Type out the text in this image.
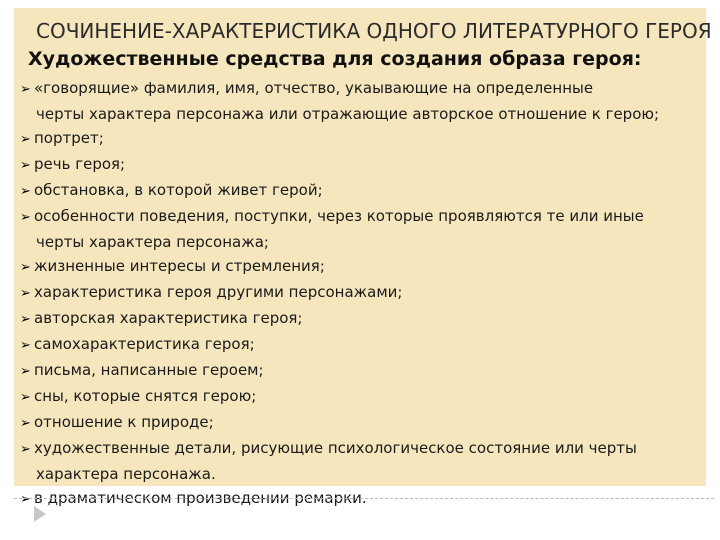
СОЧИНЕНИЕ-ХАРАКТЕРИСТИКА ОДНОГО ЛИТЕРАТУРНОГО ГЕРОЯ
Художественные средства для создания образа героя:
➢ «говорящие» фамилия, имя, отчество, укаывающие на определенные
черты характера персонажа или отражающие авторское отношение к герою;
➢ портрет;
➢ речь героя;
➢ обстановка, в которой живет герой;
➢ особенности поведения, поступки, через которые проявляются те или иные
черты характера персонажа;
➢ жизненные интересы и стремления;
➢ характеристика героя другими персонажами;
➢ авторская характеристика героя;
➢ самохарактеристика героя;
➢ письма, написанные героем;
➢ сны, которые снятся герою;
➢ отношение к природе;
➢ художественные детали, рисующие психологическое состояние или черты
характера персонажа.
➢ в драматическом произведении ремарки.
